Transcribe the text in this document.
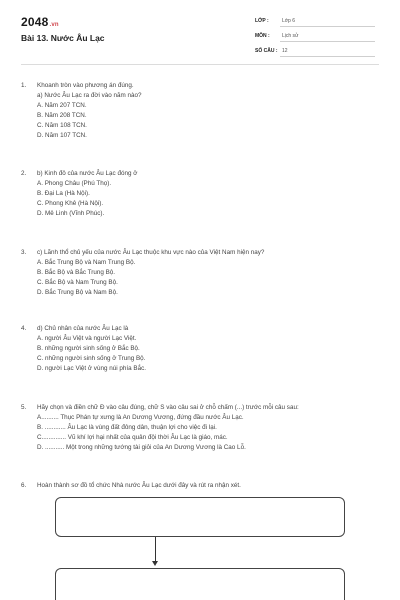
2048.vn
Bài 13. Nước Âu Lạc
LỚP :	Lớp 6
MÔN : Lịch sử
SỐ CÂU : 12
1. Khoanh tròn vào phương án đúng.
a) Nước Âu Lạc ra đời vào năm nào?
A. Năm 207 TCN.
B. Năm 208 TCN.
C. Năm 108 TCN.
D. Năm 107 TCN.
2. b) Kinh đô của nước Âu Lạc đóng ở
A. Phong Châu (Phú Thọ).
B. Đại La (Hà Nội).
C. Phong Khê (Hà Nội).
D. Mê Linh (Vĩnh Phúc).
3. c) Lãnh thổ chủ yếu của nước Âu Lạc thuộc khu vực nào của Việt Nam hiện nay?
A. Bắc Trung Bộ và Nam Trung Bộ.
B. Bắc Bộ và Bắc Trung Bộ.
C. Bắc Bộ và Nam Trung Bộ.
D. Bắc Trung Bộ và Nam Bộ.
4. d) Chủ nhân của nước Âu Lạc là
A. người Âu Việt và người Lạc Việt.
B. những người sinh sống ở Bắc Bộ.
C. những người sinh sống ở Trung Bộ.
D. người Lạc Việt ở vùng núi phía Bắc.
5. Hãy chọn và điền chữ Đ vào câu đúng, chữ S vào câu sai ở chỗ chấm (...) trước mỗi câu sau:
A.......... Thục Phán tự xưng là An Dương Vương, đứng đầu nước Âu Lạc.
B. ............ Âu Lạc là vùng đất đông dân, thuận lợi cho việc đi lại.
C.............. Vũ khí lợi hại nhất của quân đội thời Âu Lạc là giáo, mác.
D. ........... Một trong những tướng tài giỏi của An Dương Vương là Cao Lỗ.
6. Hoàn thành sơ đồ tổ chức Nhà nước Âu Lạc dưới đây và rút ra nhận xét.
